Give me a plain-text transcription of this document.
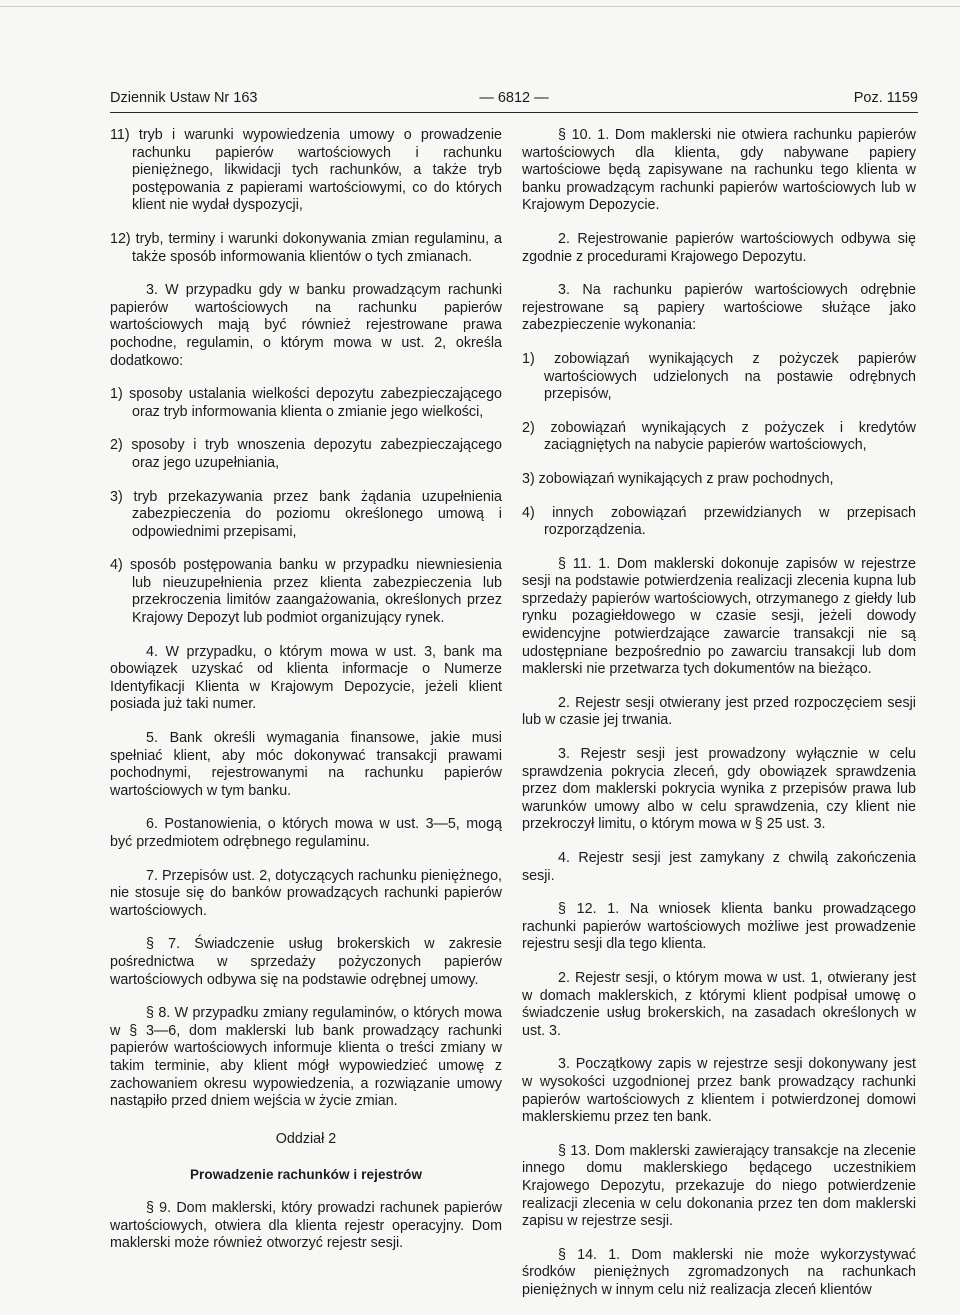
Dziennik Ustaw Nr 163	— 6812 —	Poz. 1159

11) tryb i warunki wypowiedzenia umowy o prowadzenie rachunku papierów wartościowych i rachunku pieniężnego, likwidacji tych rachunków, a także tryb postępowania z papierami wartościowymi, co do których klient nie wydał dyspozycji,

12) tryb, terminy i warunki dokonywania zmian regulaminu, a także sposób informowania klientów o tych zmianach.

3. W przypadku gdy w banku prowadzącym rachunki papierów wartościowych na rachunku papierów wartościowych mają być również rejestrowane prawa pochodne, regulamin, o którym mowa w ust. 2, określa dodatkowo:

1) sposoby ustalania wielkości depozytu zabezpieczającego oraz tryb informowania klienta o zmianie jego wielkości,

2) sposoby i tryb wnoszenia depozytu zabezpieczającego oraz jego uzupełniania,

3) tryb przekazywania przez bank żądania uzupełnienia zabezpieczenia do poziomu określonego umową i odpowiednimi przepisami,

4) sposób postępowania banku w przypadku niewniesienia lub nieuzupełnienia przez klienta zabezpieczenia lub przekroczenia limitów zaangażowania, określonych przez Krajowy Depozyt lub podmiot organizujący rynek.

4. W przypadku, o którym mowa w ust. 3, bank ma obowiązek uzyskać od klienta informacje o Numerze Identyfikacji Klienta w Krajowym Depozycie, jeżeli klient posiada już taki numer.

5. Bank określi wymagania finansowe, jakie musi spełniać klient, aby móc dokonywać transakcji prawami pochodnymi, rejestrowanymi na rachunku papierów wartościowych w tym banku.

6. Postanowienia, o których mowa w ust. 3—5, mogą być przedmiotem odrębnego regulaminu.

7. Przepisów ust. 2, dotyczących rachunku pieniężnego, nie stosuje się do banków prowadzących rachunki papierów wartościowych.

§ 7. Świadczenie usług brokerskich w zakresie pośrednictwa w sprzedaży pożyczonych papierów wartościowych odbywa się na podstawie odrębnej umowy.

§ 8. W przypadku zmiany regulaminów, o których mowa w § 3—6, dom maklerski lub bank prowadzący rachunki papierów wartościowych informuje klienta o treści zmiany w takim terminie, aby klient mógł wypowiedzieć umowę z zachowaniem okresu wypowiedzenia, a rozwiązanie umowy nastąpiło przed dniem wejścia w życie zmian.

Oddział 2
Prowadzenie rachunków i rejestrów

§ 9. Dom maklerski, który prowadzi rachunek papierów wartościowych, otwiera dla klienta rejestr operacyjny. Dom maklerski może również otworzyć rejestr sesji.

§ 10. 1. Dom maklerski nie otwiera rachunku papierów wartościowych dla klienta, gdy nabywane papiery wartościowe będą zapisywane na rachunku tego klienta w banku prowadzącym rachunki papierów wartościowych lub w Krajowym Depozycie.

2. Rejestrowanie papierów wartościowych odbywa się zgodnie z procedurami Krajowego Depozytu.

3. Na rachunku papierów wartościowych odrębnie rejestrowane są papiery wartościowe służące jako zabezpieczenie wykonania:

1) zobowiązań wynikających z pożyczek papierów wartościowych udzielonych na postawie odrębnych przepisów,

2) zobowiązań wynikających z pożyczek i kredytów zaciągniętych na nabycie papierów wartościowych,

3) zobowiązań wynikających z praw pochodnych,

4) innych zobowiązań przewidzianych w przepisach rozporządzenia.

§ 11. 1. Dom maklerski dokonuje zapisów w rejestrze sesji na podstawie potwierdzenia realizacji zlecenia kupna lub sprzedaży papierów wartościowych, otrzymanego z giełdy lub rynku pozagiełdowego w czasie sesji, jeżeli dowody ewidencyjne potwierdzające zawarcie transakcji nie są udostępniane bezpośrednio po zawarciu transakcji lub dom maklerski nie przetwarza tych dokumentów na bieżąco.

2. Rejestr sesji otwierany jest przed rozpoczęciem sesji lub w czasie jej trwania.

3. Rejestr sesji jest prowadzony wyłącznie w celu sprawdzenia pokrycia zleceń, gdy obowiązek sprawdzenia przez dom maklerski pokrycia wynika z przepisów prawa lub warunków umowy albo w celu sprawdzenia, czy klient nie przekroczył limitu, o którym mowa w § 25 ust. 3.

4. Rejestr sesji jest zamykany z chwilą zakończenia sesji.

§ 12. 1. Na wniosek klienta banku prowadzącego rachunki papierów wartościowych możliwe jest prowadzenie rejestru sesji dla tego klienta.

2. Rejestr sesji, o którym mowa w ust. 1, otwierany jest w domach maklerskich, z którymi klient podpisał umowę o świadczenie usług brokerskich, na zasadach określonych w ust. 3.

3. Początkowy zapis w rejestrze sesji dokonywany jest w wysokości uzgodnionej przez bank prowadzący rachunki papierów wartościowych z klientem i potwierdzonej domowi maklerskiemu przez ten bank.

§ 13. Dom maklerski zawierający transakcje na zlecenie innego domu maklerskiego będącego uczestnikiem Krajowego Depozytu, przekazuje do niego potwierdzenie realizacji zlecenia w celu dokonania przez ten dom maklerski zapisu w rejestrze sesji.

§ 14. 1. Dom maklerski nie może wykorzystywać środków pieniężnych zgromadzonych na rachunkach pieniężnych w innym celu niż realizacja zleceń klientów
